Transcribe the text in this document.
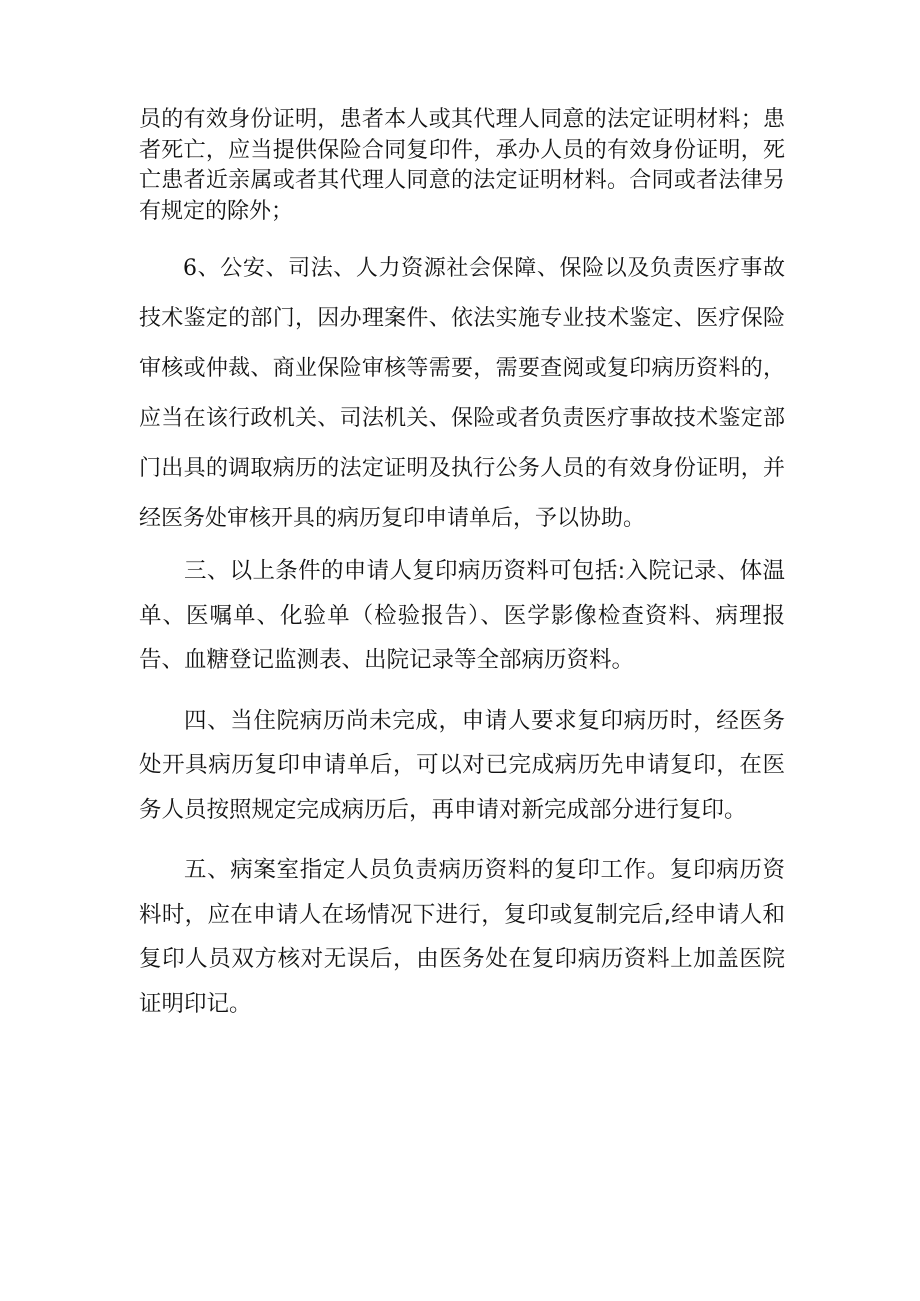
员的有效身份证明，患者本人或其代理人同意的法定证明材料；患者死亡，应当提供保险合同复印件，承办人员的有效身份证明，死亡患者近亲属或者其代理人同意的法定证明材料。合同或者法律另有规定的除外；

6、公安、司法、人力资源社会保障、保险以及负责医疗事故技术鉴定的部门，因办理案件、依法实施专业技术鉴定、医疗保险审核或仲裁、商业保险审核等需要，需要查阅或复印病历资料的，应当在该行政机关、司法机关、保险或者负责医疗事故技术鉴定部门出具的调取病历的法定证明及执行公务人员的有效身份证明，并经医务处审核开具的病历复印申请单后，予以协助。

三、以上条件的申请人复印病历资料可包括:入院记录、体温单、医嘱单、化验单（检验报告）、医学影像检查资料、病理报告、血糖登记监测表、出院记录等全部病历资料。

四、当住院病历尚未完成，申请人要求复印病历时，经医务处开具病历复印申请单后，可以对已完成病历先申请复印，在医务人员按照规定完成病历后，再申请对新完成部分进行复印。

五、病案室指定人员负责病历资料的复印工作。复印病历资料时，应在申请人在场情况下进行，复印或复制完后,经申请人和复印人员双方核对无误后，由医务处在复印病历资料上加盖医院证明印记。
